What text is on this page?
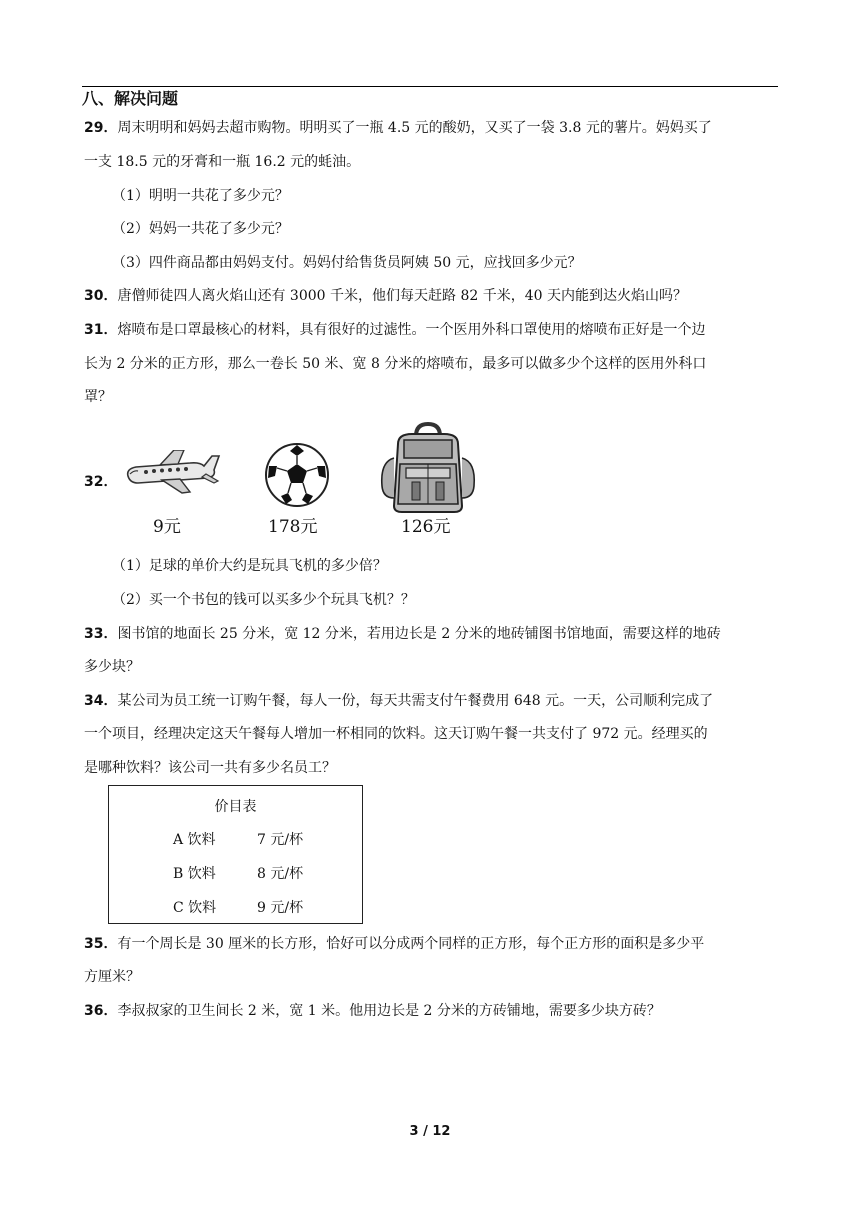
八、解决问题
29．周末明明和妈妈去超市购物。明明买了一瓶 4.5 元的酸奶，又买了一袋 3.8 元的薯片。妈妈买了
一支 18.5 元的牙膏和一瓶 16.2 元的蚝油。
（1）明明一共花了多少元？
（2）妈妈一共花了多少元？
（3）四件商品都由妈妈支付。妈妈付给售货员阿姨 50 元，应找回多少元？
30．唐僧师徒四人离火焰山还有 3000 千米，他们每天赶路 82 千米，40 天内能到达火焰山吗？
31．熔喷布是口罩最核心的材料，具有很好的过滤性。一个医用外科口罩使用的熔喷布正好是一个边
长为 2 分米的正方形，那么一卷长 50 米、宽 8 分米的熔喷布，最多可以做多少个这样的医用外科口
罩？
32．
9元	178元	126元
（1）足球的单价大约是玩具飞机的多少倍？
（2）买一个书包的钱可以买多少个玩具飞机？？
33．图书馆的地面长 25 分米，宽 12 分米，若用边长是 2 分米的地砖铺图书馆地面，需要这样的地砖
多少块？
34．某公司为员工统一订购午餐，每人一份，每天共需支付午餐费用 648 元。一天，公司顺利完成了
一个项目，经理决定这天午餐每人增加一杯相同的饮料。这天订购午餐一共支付了 972 元。经理买的
是哪种饮料？该公司一共有多少名员工？
价目表
A 饮料	7 元/杯
B 饮料	8 元/杯
C 饮料	9 元/杯
35．有一个周长是 30 厘米的长方形，恰好可以分成两个同样的正方形，每个正方形的面积是多少平
方厘米？
36．李叔叔家的卫生间长 2 米，宽 1 米。他用边长是 2 分米的方砖铺地，需要多少块方砖？
3 / 12
